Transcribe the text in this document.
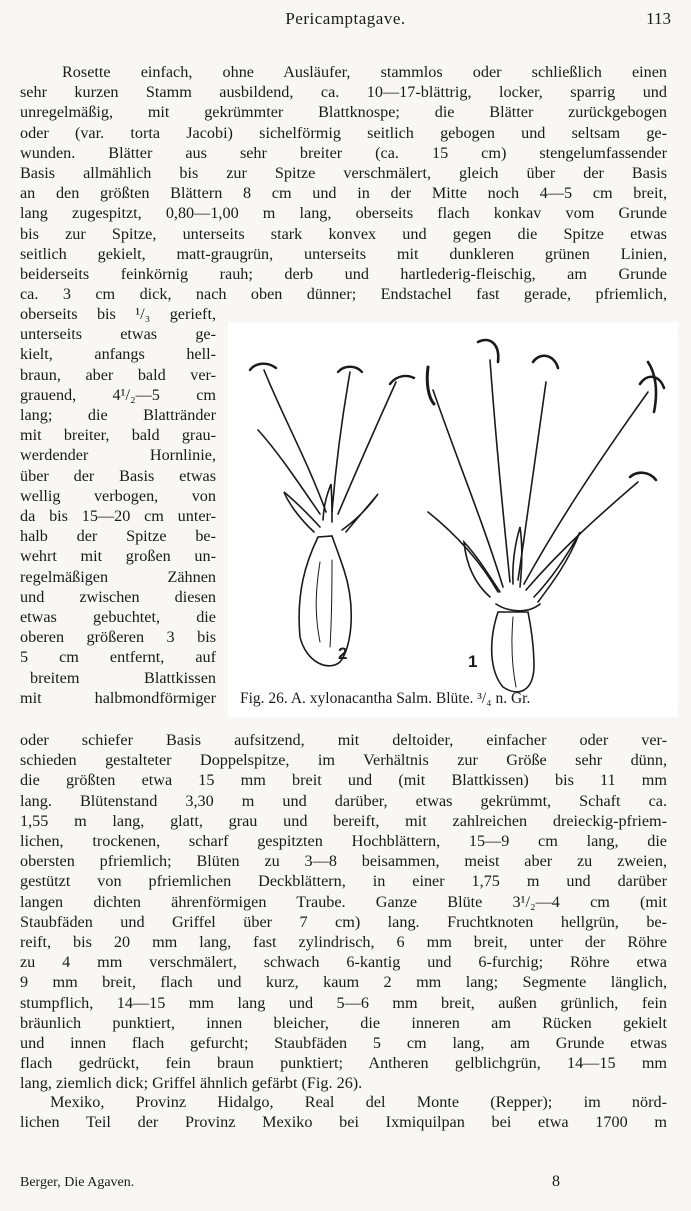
Pericamptagave.	113
Rosette einfach, ohne Ausläufer, stammlos oder schließlich einen
sehr kurzen Stamm ausbildend, ca. 10—17-blättrig, locker, sparrig und
unregelmäßig, mit gekrümmter Blattknospe; die Blätter zurückgebogen
oder (var. torta Jacobi) sichelförmig seitlich gebogen und seltsam ge-
wunden. Blätter aus sehr breiter (ca. 15 cm) stengelumfassender
Basis allmählich bis zur Spitze verschmälert, gleich über der Basis
an den größten Blättern 8 cm und in der Mitte noch 4—5 cm breit,
lang zugespitzt, 0,80—1,00 m lang, oberseits flach konkav vom Grunde
bis zur Spitze, unterseits stark konvex und gegen die Spitze etwas
seitlich gekielt, matt-graugrün, unterseits mit dunkleren grünen Linien,
beiderseits feinkörnig rauh; derb und hartlederig-fleischig, am Grunde
ca. 3 cm dick, nach oben dünner; Endstachel fast gerade, pfriemlich,
oberseits bis ¹/₃ gerieft,
unterseits etwas ge-
kielt, anfangs hell-
braun, aber bald ver-
grauend, 4¹/₂—5 cm
lang; die Blattränder
mit breiter, bald grau-
werdender Hornlinie,
über der Basis etwas
wellig verbogen, von
da bis 15—20 cm unter-
halb der Spitze be-
wehrt mit großen un-
regelmäßigen Zähnen
und zwischen diesen
etwas gebuchtet, die
oberen größeren 3 bis
5 cm entfernt, auf
breitem Blattkissen
mit halbmondförmiger
oder schiefer Basis aufsitzend, mit deltoider, einfacher oder ver-
schieden gestalteter Doppelspitze, im Verhältnis zur Größe sehr dünn,
die größten etwa 15 mm breit und (mit Blattkissen) bis 11 mm
lang. Blütenstand 3,30 m und darüber, etwas gekrümmt, Schaft ca.
1,55 m lang, glatt, grau und bereift, mit zahlreichen dreieckig-pfriem-
lichen, trockenen, scharf gespitzten Hochblättern, 15—9 cm lang, die
obersten pfriemlich; Blüten zu 3—8 beisammen, meist aber zu zweien,
gestützt von pfriemlichen Deckblättern, in einer 1,75 m und darüber
langen dichten ährenförmigen Traube. Ganze Blüte 3¹/₂—4 cm (mit
Staubfäden und Griffel über 7 cm) lang. Fruchtknoten hellgrün, be-
reift, bis 20 mm lang, fast zylindrisch, 6 mm breit, unter der Röhre
zu 4 mm verschmälert, schwach 6-kantig und 6-furchig; Röhre etwa
9 mm breit, flach und kurz, kaum 2 mm lang; Segmente länglich,
stumpflich, 14—15 mm lang und 5—6 mm breit, außen grünlich, fein
bräunlich punktiert, innen bleicher, die inneren am Rücken gekielt
und innen flach gefurcht; Staubfäden 5 cm lang, am Grunde etwas
flach gedrückt, fein braun punktiert; Antheren gelblichgrün, 14—15 mm
lang, ziemlich dick; Griffel ähnlich gefärbt (Fig. 26).
Mexiko, Provinz Hidalgo, Real del Monte (Repper); im nörd-
lichen Teil der Provinz Mexiko bei Ixmiquilpan bei etwa 1700 m
2	1
Fig. 26. A. xylonacantha Salm. Blüte. ³/₄ n. Gr.
Berger, Die Agaven.	8
